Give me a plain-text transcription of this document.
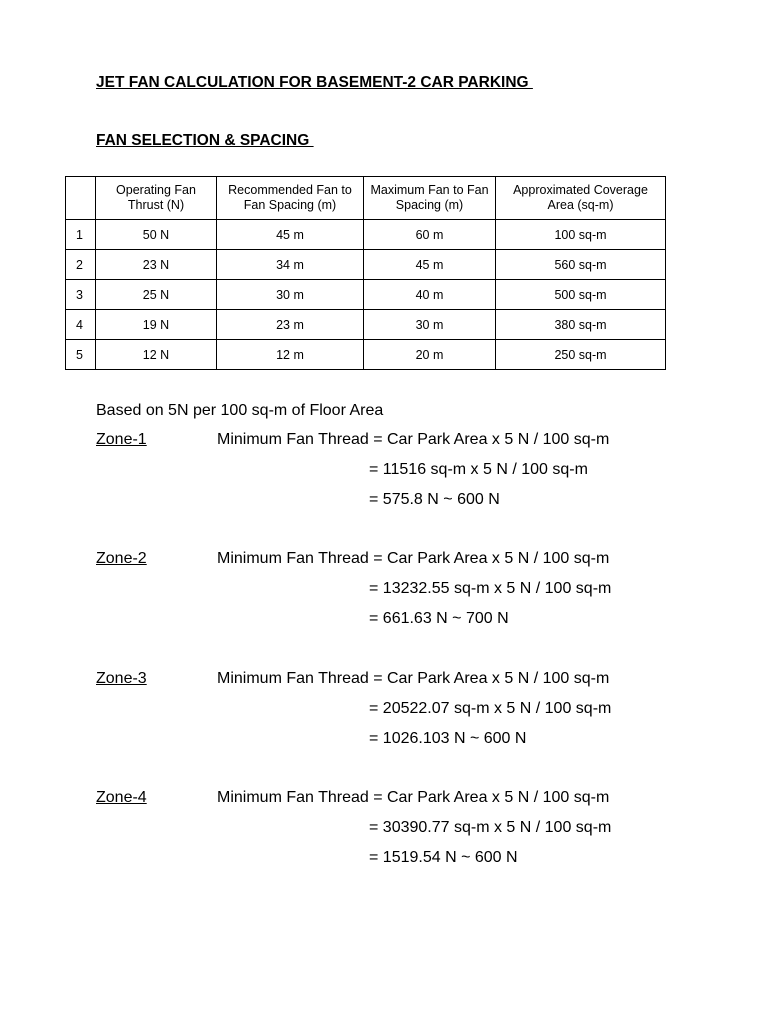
JET FAN CALCULATION FOR BASEMENT-2 CAR PARKING
FAN SELECTION & SPACING
	Operating Fan Thrust (N)	Recommended Fan to Fan Spacing (m)	Maximum Fan to Fan Spacing (m)	Approximated Coverage Area (sq-m)
1	50 N	45 m	60 m	100 sq-m
2	23 N	34 m	45 m	560 sq-m
3	25 N	30 m	40 m	500 sq-m
4	19 N	23 m	30 m	380 sq-m
5	12 N	12 m	20 m	250 sq-m
Based on 5N per 100 sq-m of Floor Area
Zone-1	Minimum Fan Thread = Car Park Area x 5 N / 100 sq-m
= 11516 sq-m x 5 N / 100 sq-m
= 575.8 N ~ 600 N
Zone-2	Minimum Fan Thread = Car Park Area x 5 N / 100 sq-m
= 13232.55 sq-m x 5 N / 100 sq-m
= 661.63 N ~ 700 N
Zone-3	Minimum Fan Thread = Car Park Area x 5 N / 100 sq-m
= 20522.07 sq-m x 5 N / 100 sq-m
= 1026.103 N ~ 600 N
Zone-4	Minimum Fan Thread = Car Park Area x 5 N / 100 sq-m
= 30390.77 sq-m x 5 N / 100 sq-m
= 1519.54 N ~ 600 N
